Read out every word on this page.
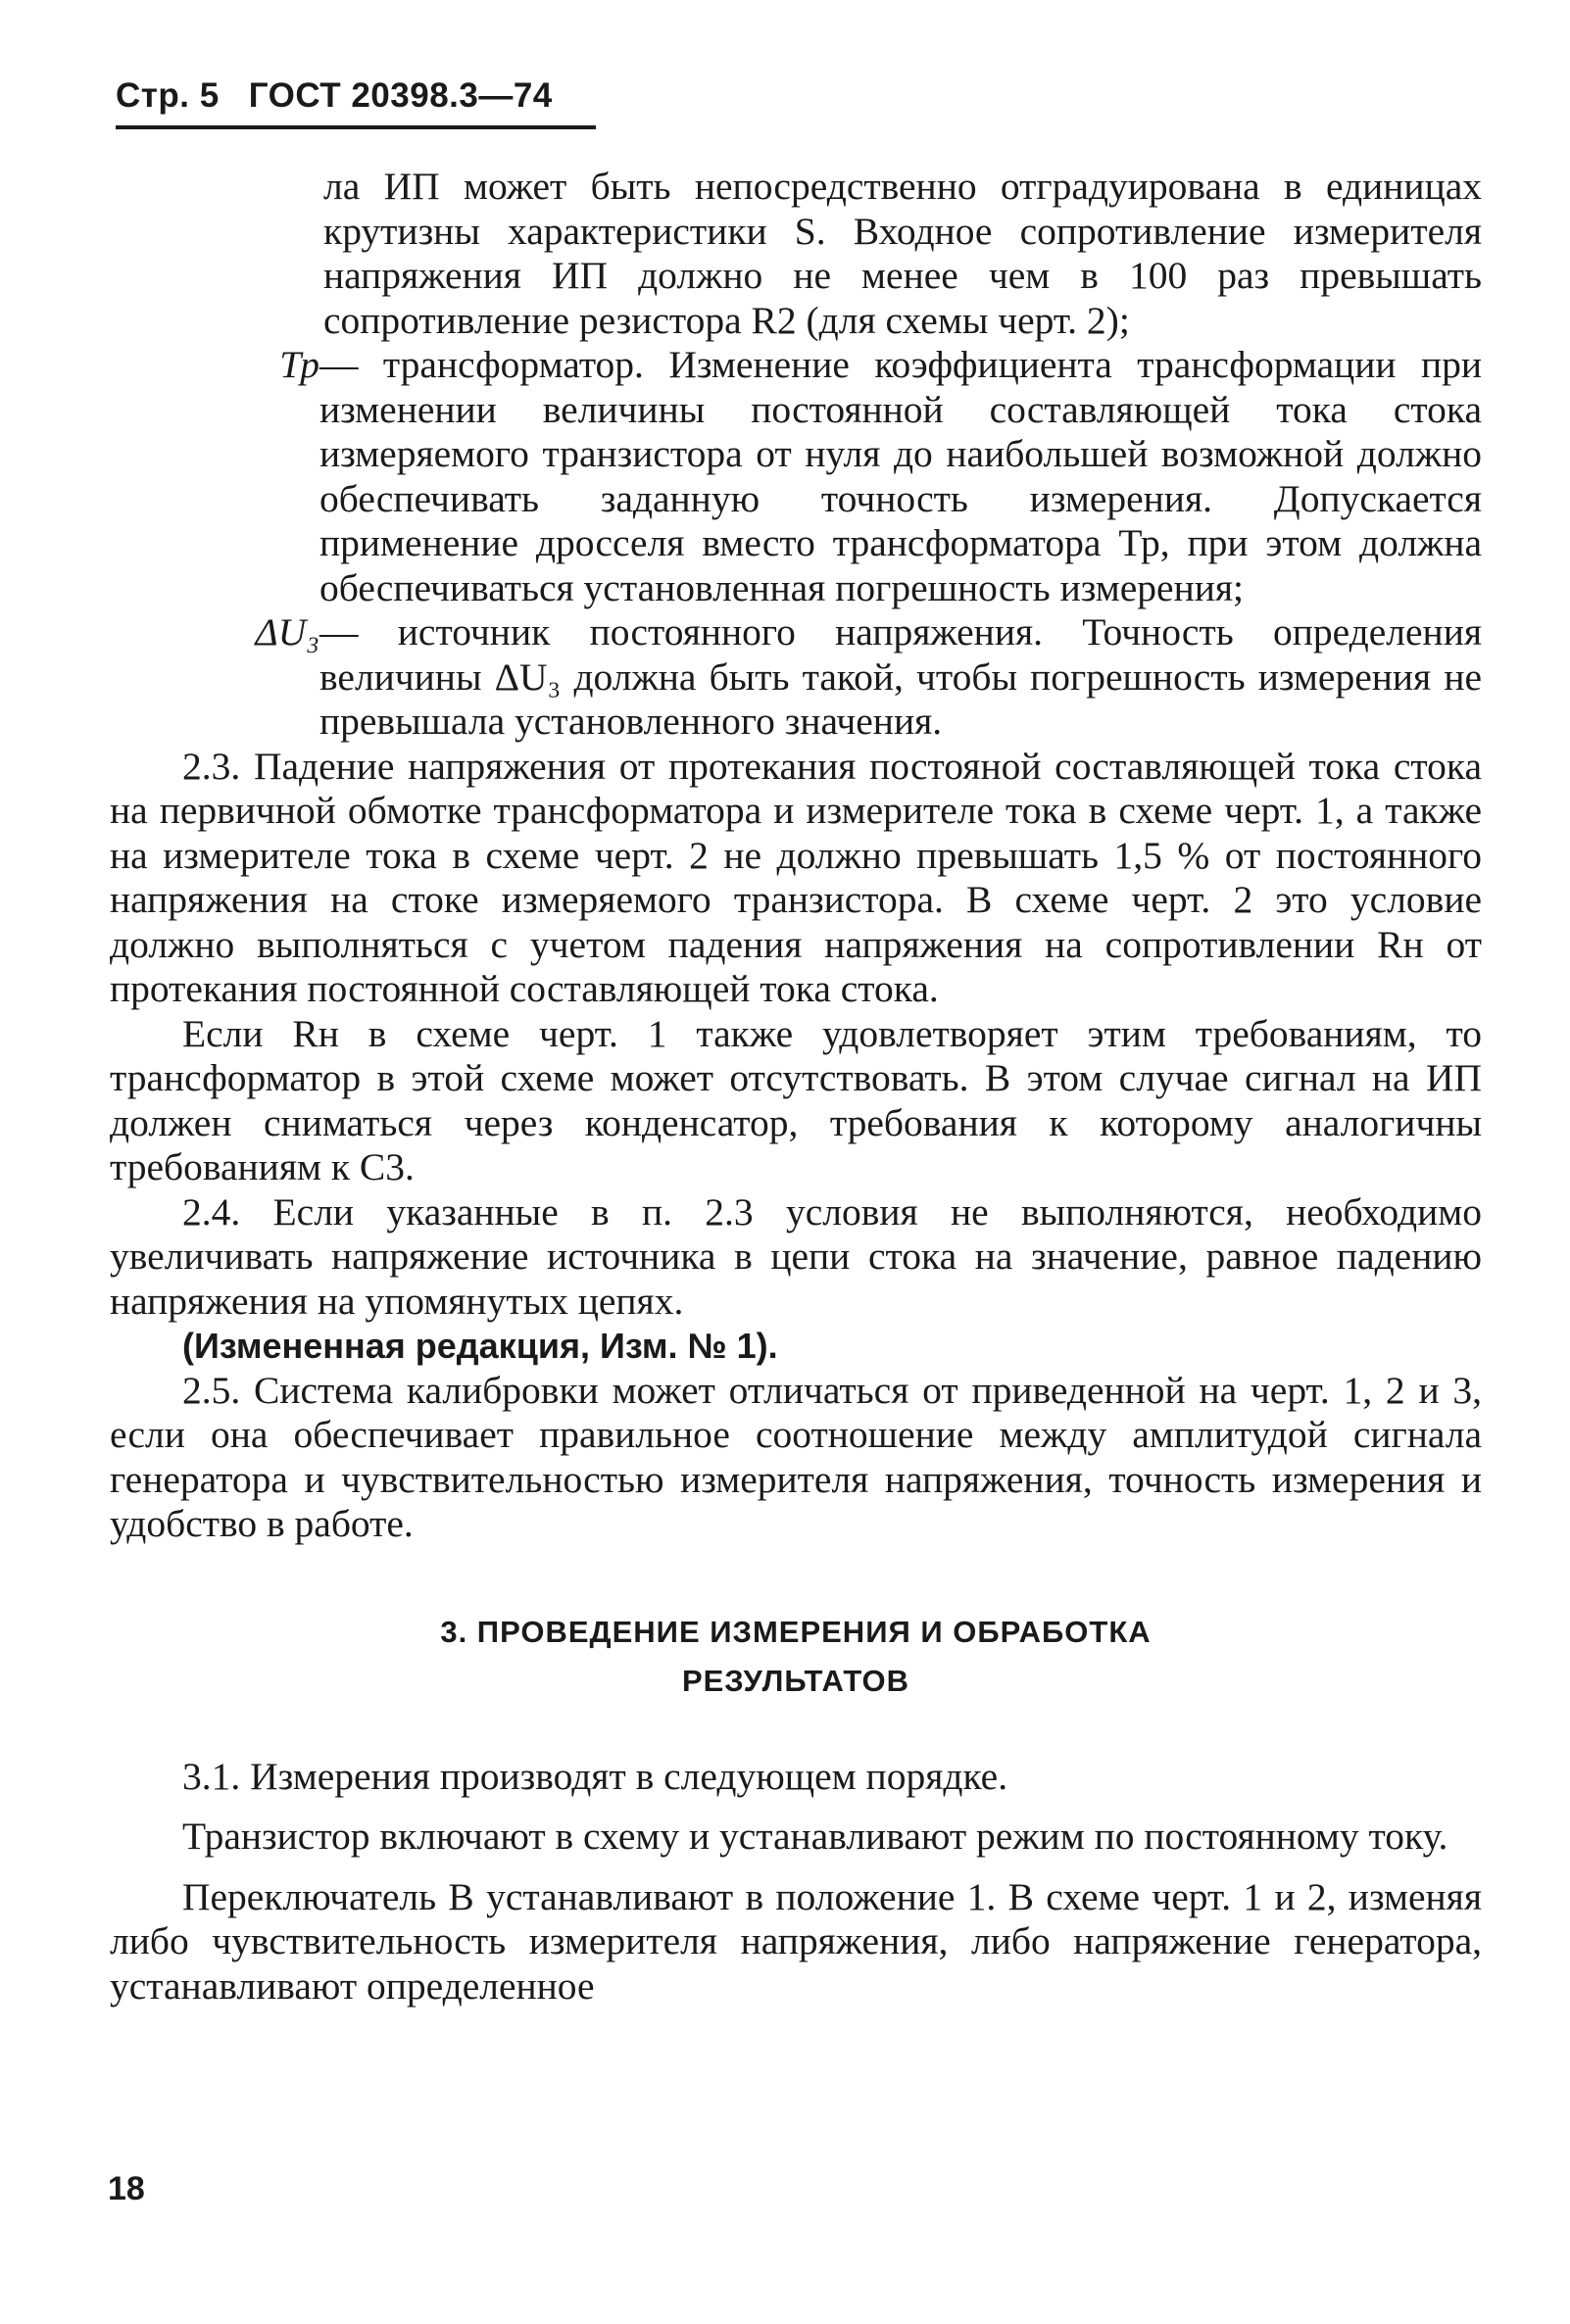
Стр. 5 ГОСТ 20398.3—74

ла ИП может быть непосредственно отградуирована в единицах крутизны характеристики S. Входное сопротивление измерителя напряжения ИП должно не менее чем в 100 раз превышать сопротивление резистора R2 (для схемы черт. 2);

Тр — трансформатор. Изменение коэффициента трансформации при изменении величины постоянной составляющей тока стока измеряемого транзистора от нуля до наибольшей возможной должно обеспечивать заданную точность измерения. Допускается применение дросселя вместо трансформатора Тр, при этом должна обеспечиваться установленная погрешность измерения;
ΔU₃ — источник постоянного напряжения. Точность определения величины ΔU₃ должна быть такой, чтобы погрешность измерения не превышала установленного значения.

2.3. Падение напряжения от протекания постояной составляющей тока стока на первичной обмотке трансформатора и измерителе тока в схеме черт. 1, а также на измерителе тока в схеме черт. 2 не должно превышать 1,5 % от постоянного напряжения на стоке измеряемого транзистора. В схеме черт. 2 это условие должно выполняться с учетом падения напряжения на сопротивлении Rн от протекания постоянной составляющей тока стока.

Если Rн в схеме черт. 1 также удовлетворяет этим требованиям, то трансформатор в этой схеме может отсутствовать. В этом случае сигнал на ИП должен сниматься через конденсатор, требования к которому аналогичны требованиям к С3.

2.4. Если указанные в п. 2.3 условия не выполняются, необходимо увеличивать напряжение источника в цепи стока на значение, равное падению напряжения на упомянутых цепях.

(Измененная редакция, Изм. № 1).

2.5. Система калибровки может отличаться от приведенной на черт. 1, 2 и 3, если она обеспечивает правильное соотношение между амплитудой сигнала генератора и чувствительностью измерителя напряжения, точность измерения и удобство в работе.

3. ПРОВЕДЕНИЕ ИЗМЕРЕНИЯ И ОБРАБОТКА
РЕЗУЛЬТАТОВ

3.1. Измерения производят в следующем порядке.

Транзистор включают в схему и устанавливают режим по постоянному току.

Переключатель В устанавливают в положение 1. В схеме черт. 1 и 2, изменяя либо чувствительность измерителя напряжения, либо напряжение генератора, устанавливают определенное

18
